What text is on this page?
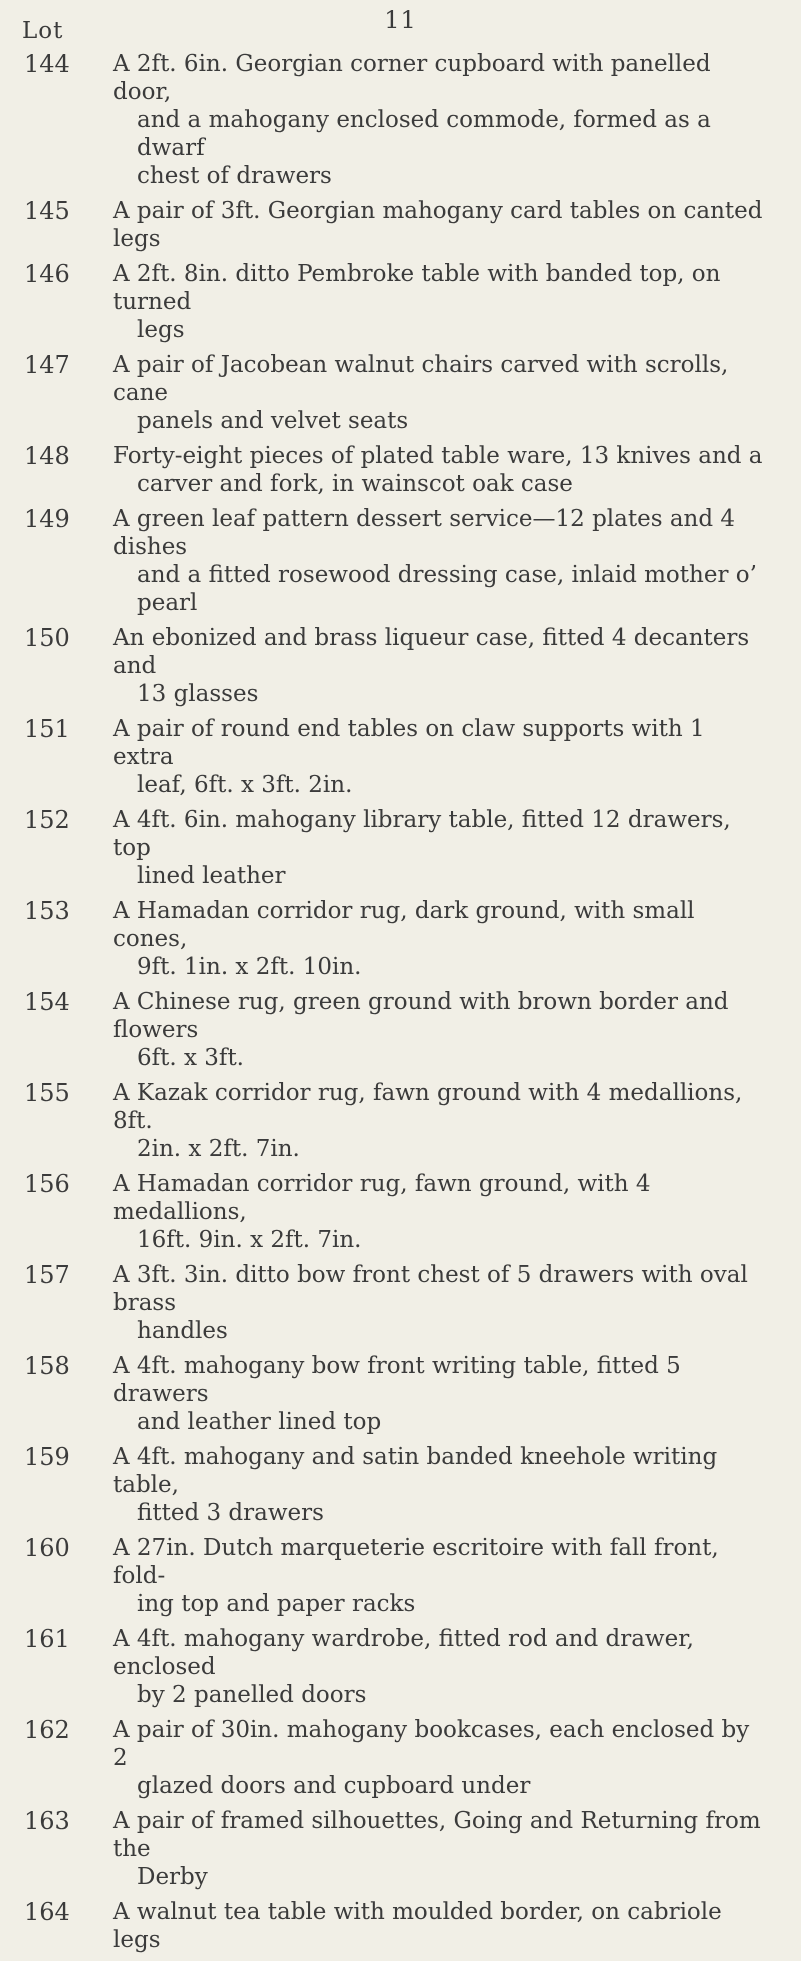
11
Lot
144 A 2ft. 6in. Georgian corner cupboard with panelled door,
and a mahogany enclosed commode, formed as a dwarf
chest of drawers
145 A pair of 3ft. Georgian mahogany card tables on canted legs
146 A 2ft. 8in. ditto Pembroke table with banded top, on turned
legs
147 A pair of Jacobean walnut chairs carved with scrolls, cane
panels and velvet seats
148 Forty-eight pieces of plated table ware, 13 knives and a
carver and fork, in wainscot oak case
149 A green leaf pattern dessert service—12 plates and 4 dishes
and a fitted rosewood dressing case, inlaid mother o’
pearl
150 An ebonized and brass liqueur case, fitted 4 decanters and
13 glasses
151 A pair of round end tables on claw supports with 1 extra
leaf, 6ft. x 3ft. 2in.
152 A 4ft. 6in. mahogany library table, fitted 12 drawers, top
lined leather
153 A Hamadan corridor rug, dark ground, with small cones,
9ft. 1in. x 2ft. 10in.
154 A Chinese rug, green ground with brown border and flowers
6ft. x 3ft.
155 A Kazak corridor rug, fawn ground with 4 medallions, 8ft.
2in. x 2ft. 7in.
156 A Hamadan corridor rug, fawn ground, with 4 medallions,
16ft. 9in. x 2ft. 7in.
157 A 3ft. 3in. ditto bow front chest of 5 drawers with oval brass
handles
158 A 4ft. mahogany bow front writing table, fitted 5 drawers
and leather lined top
159 A 4ft. mahogany and satin banded kneehole writing table,
fitted 3 drawers
160 A 27in. Dutch marqueterie escritoire with fall front, fold-
ing top and paper racks
161 A 4ft. mahogany wardrobe, fitted rod and drawer, enclosed
by 2 panelled doors
162 A pair of 30in. mahogany bookcases, each enclosed by 2
glazed doors and cupboard under
163 A pair of framed silhouettes, Going and Returning from the
Derby
164 A walnut tea table with moulded border, on cabriole legs
